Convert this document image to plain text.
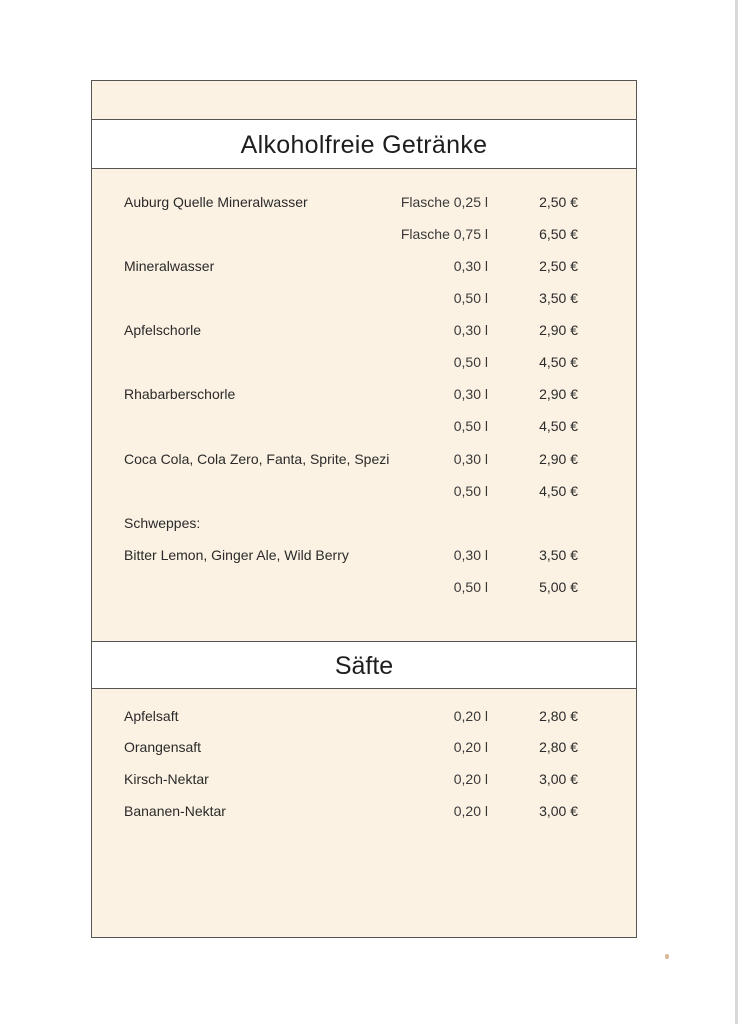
Alkoholfreie Getränke
Auburg Quelle Mineralwasser	Flasche 0,25 l	2,50 €
Flasche 0,75 l	6,50 €
Mineralwasser	0,30 l	2,50 €
0,50 l	3,50 €
Apfelschorle	0,30 l	2,90 €
0,50 l	4,50 €
Rhabarberschorle	0,30 l	2,90 €
0,50 l	4,50 €
Coca Cola, Cola Zero, Fanta, Sprite, Spezi	0,30 l	2,90 €
0,50 l	4,50 €
Schweppes:
Bitter Lemon, Ginger Ale, Wild Berry	0,30 l	3,50 €
0,50 l	5,00 €
Säfte
Apfelsaft	0,20 l	2,80 €
Orangensaft	0,20 l	2,80 €
Kirsch-Nektar	0,20 l	3,00 €
Bananen-Nektar	0,20 l	3,00 €
